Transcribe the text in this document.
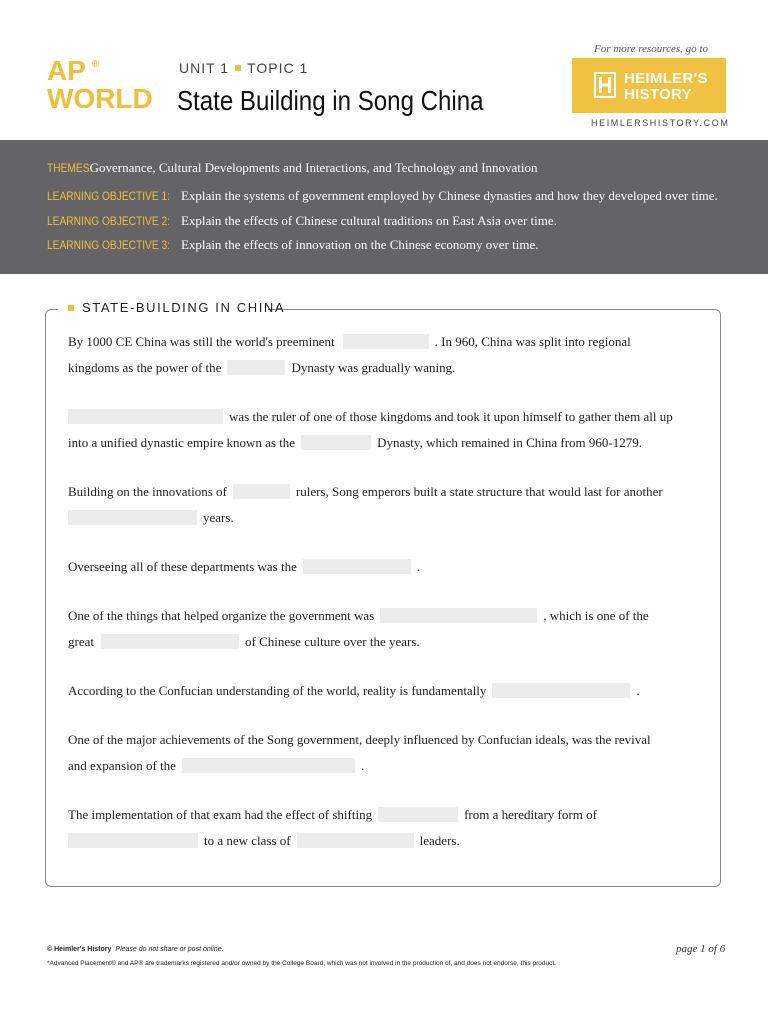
AP ®
WORLD
UNIT 1 TOPIC 1
State Building in Song China
For more resources, go to
HEIMLER'S
HISTORY
HEIMLERSHISTORY.COM
THEMES: Governance, Cultural Developments and Interactions, and Technology and Innovation
LEARNING OBJECTIVE 1: Explain the systems of government employed by Chinese dynasties and how they developed over time.
LEARNING OBJECTIVE 2: Explain the effects of Chinese cultural traditions on East Asia over time.
LEARNING OBJECTIVE 3: Explain the effects of innovation on the Chinese economy over time.
STATE-BUILDING IN CHINA
By 1000 CE China was still the world's preeminent	. In 960, China was split into regional
kingdoms as the power of the	Dynasty was gradually waning.
was the ruler of one of those kingdoms and took it upon himself to gather them all up
into a unified dynastic empire known as the	Dynasty, which remained in China from 960-1279.
Building on the innovations of	rulers, Song emperors built a state structure that would last for another
years.
Overseeing all of these departments was the	.
One of the things that helped organize the government was	, which is one of the
great	of Chinese culture over the years.
According to the Confucian understanding of the world, reality is fundamentally	.
One of the major achievements of the Song government, deeply influenced by Confucian ideals, was the revival
and expansion of the	.
The implementation of that exam had the effect of shifting	from a hereditary form of
to a new class of	leaders.
© Heimler's History Please do not share or post online.
*Advanced Placement® and AP® are trademarks registered and/or owned by the College Board, which was not involved in the production of, and does not endorse, this product.
page 1 of 6
